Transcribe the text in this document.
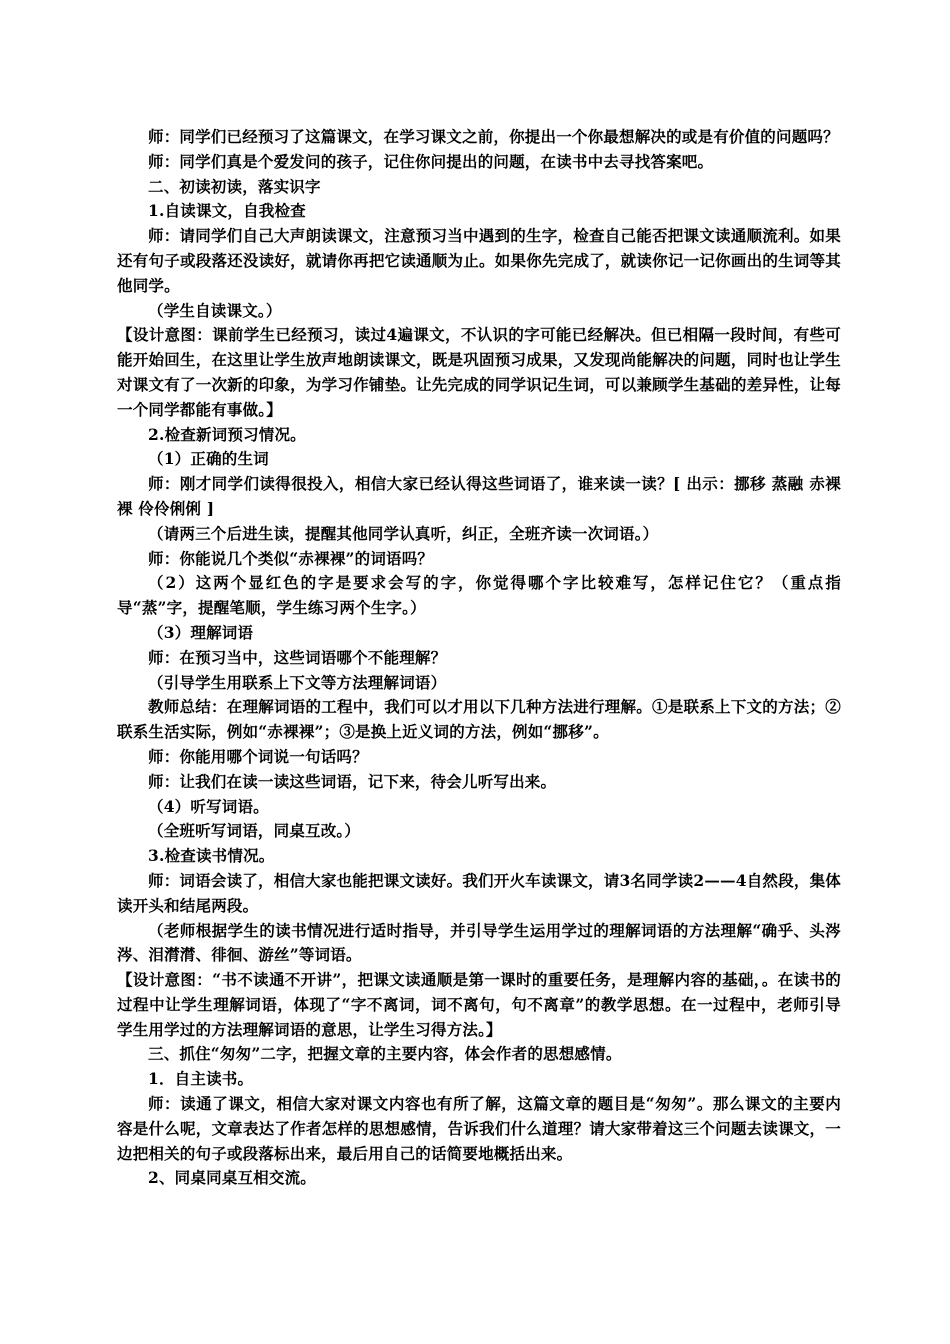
师：同学们已经预习了这篇课文，在学习课文之前，你提出一个你最想解决的或是有价值的问题吗？

师：同学们真是个爱发问的孩子，记住你问提出的问题，在读书中去寻找答案吧。

二、初读初读，落实识字

1.自读课文，自我检查

师：请同学们自己大声朗读课文，注意预习当中遇到的生字，检查自己能否把课文读通顺流利。如果还有句子或段落还没读好，就请你再把它读通顺为止。如果你先完成了，就读你记一记你画出的生词等其他同学。

（学生自读课文。）

【设计意图：课前学生已经预习，读过4遍课文，不认识的字可能已经解决。但已相隔一段时间，有些可能开始回生，在这里让学生放声地朗读课文，既是巩固预习成果，又发现尚能解决的问题，同时也让学生对课文有了一次新的印象，为学习作铺垫。让先完成的同学识记生词，可以兼顾学生基础的差异性，让每一个同学都能有事做。】

2.检查新词预习情况。

（1）正确的生词

师：刚才同学们读得很投入，相信大家已经认得这些词语了，谁来读一读？[ 出示：挪移 蒸融 赤裸裸 伶伶俐俐 ]

（请两三个后进生读，提醒其他同学认真听，纠正，全班齐读一次词语。）

师：你能说几个类似“赤裸裸”的词语吗？

（2）这两个显红色的字是要求会写的字，你觉得哪个字比较难写，怎样记住它？（重点指导“蒸”字，提醒笔顺，学生练习两个生字。）

（3）理解词语

师：在预习当中，这些词语哪个不能理解？

（引导学生用联系上下文等方法理解词语）

教师总结：在理解词语的工程中，我们可以才用以下几种方法进行理解。①是联系上下文的方法；②联系生活实际，例如“赤裸裸”；③是换上近义词的方法，例如“挪移”。

师：你能用哪个词说一句话吗？

师：让我们在读一读这些词语，记下来，待会儿听写出来。

（4）听写词语。

（全班听写词语，同桌互改。）

3.检查读书情况。

师：词语会读了，相信大家也能把课文读好。我们开火车读课文，请3名同学读2——4自然段，集体读开头和结尾两段。

（老师根据学生的读书情况进行适时指导，并引导学生运用学过的理解词语的方法理解“确乎、头涔涔、泪潸潸、徘徊、游丝”等词语。

【设计意图：“书不读通不开讲”，把课文读通顺是第一课时的重要任务，是理解内容的基础，。在读书的过程中让学生理解词语，体现了“字不离词，词不离句，句不离章”的教学思想。在一过程中，老师引导学生用学过的方法理解词语的意思，让学生习得方法。】

三、抓住“匆匆”二字，把握文章的主要内容，体会作者的思想感情。

1．自主读书。

师：读通了课文，相信大家对课文内容也有所了解，这篇文章的题目是“匆匆”。那么课文的主要内容是什么呢，文章表达了作者怎样的思想感情，告诉我们什么道理？请大家带着这三个问题去读课文，一边把相关的句子或段落标出来，最后用自己的话简要地概括出来。

2、同桌同桌互相交流。
